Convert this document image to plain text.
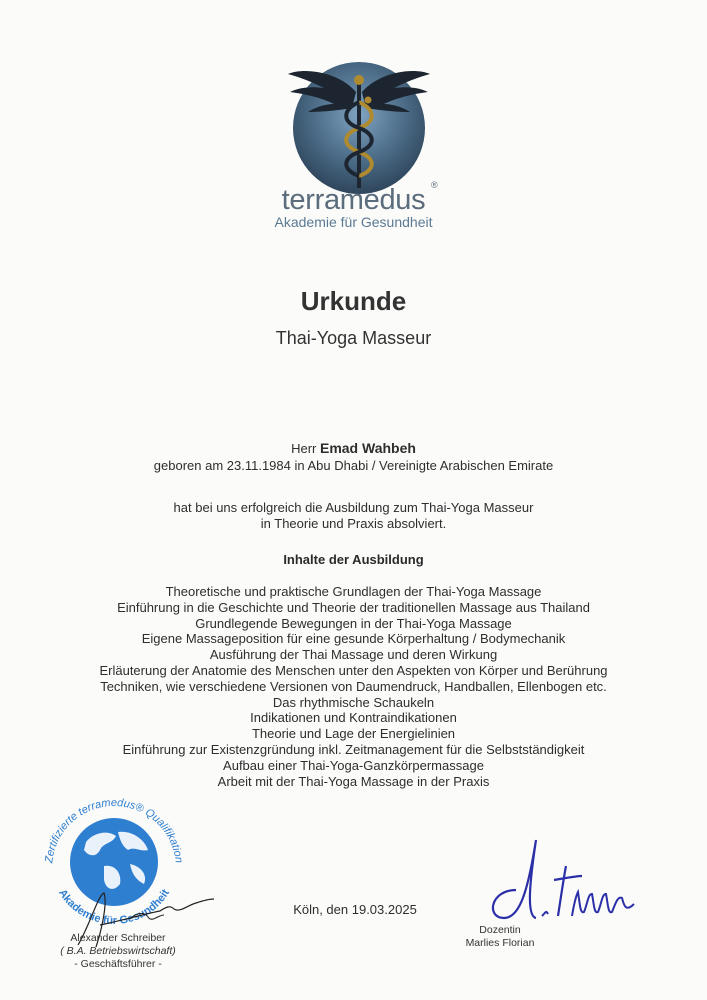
terramedus ®
Akademie für Gesundheit
Urkunde
Thai-Yoga Masseur
Herr Emad Wahbeh
geboren am 23.11.1984 in Abu Dhabi / Vereinigte Arabischen Emirate
hat bei uns erfolgreich die Ausbildung zum Thai-Yoga Masseur
in Theorie und Praxis absolviert.
Inhalte der Ausbildung
Theoretische und praktische Grundlagen der Thai-Yoga Massage
Einführung in die Geschichte und Theorie der traditionellen Massage aus Thailand
Grundlegende Bewegungen in der Thai-Yoga Massage
Eigene Massageposition für eine gesunde Körperhaltung / Bodymechanik
Ausführung der Thai Massage und deren Wirkung
Erläuterung der Anatomie des Menschen unter den Aspekten von Körper und Berührung
Techniken, wie verschiedene Versionen von Daumendruck, Handballen, Ellenbogen etc.
Das rhythmische Schaukeln
Indikationen und Kontraindikationen
Theorie und Lage der Energielinien
Einführung zur Existenzgründung inkl. Zeitmanagement für die Selbstständigkeit
Aufbau einer Thai-Yoga-Ganzkörpermassage
Arbeit mit der Thai-Yoga Massage in der Praxis
Zertifizierte terramedus® Qualifikation
Akademie für Gesundheit
Köln, den 19.03.2025
Alexander Schreiber
( B.A. Betriebswirtschaft)
- Geschäftsführer -
Dozentin
Marlies Florian
